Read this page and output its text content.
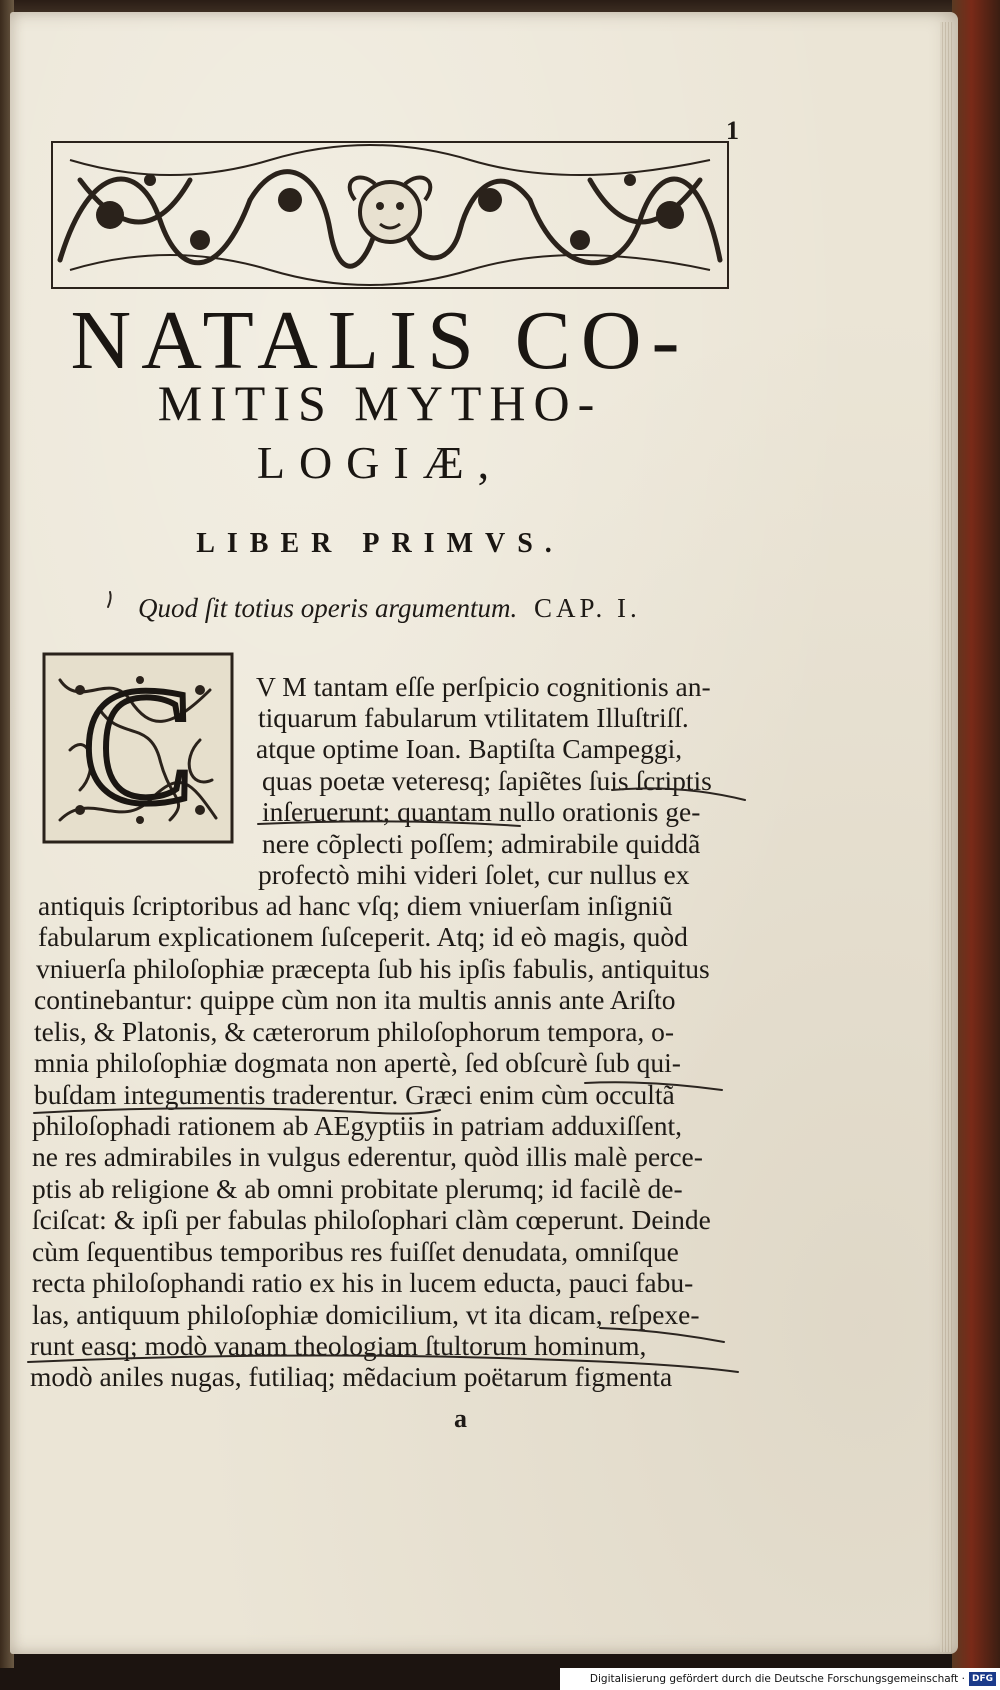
1
NATALIS CO-
MITIS MYTHO-
LOGIÆ,
LIBER PRIMVS.
Quod ſit totius operis argumentum. CAP. I.
C V M tantam eſſe perſpicio cognitionis an-
tiquarum fabularum vtilitatem Illuſtriſſ.
atque optime Ioan. Baptiſta Campeggi,
quas poetæ veteresq; ſapiẽtes ſuis ſcriptis
inſeruerunt; quantam nullo orationis ge-
nere cõplecti poſſem; admirabile quiddã
profectò mihi videri ſolet, cur nullus ex
antiquis ſcriptoribus ad hanc vſq; diem vniuerſam inſigniũ
fabularum explicationem ſuſceperit. Atq; id eò magis, quòd
vniuerſa philoſophiæ præcepta ſub his ipſis fabulis, antiquitus
continebantur: quippe cùm non ita multis annis ante Ariſto
telis, & Platonis, & cæterorum philoſophorum tempora, o-
mnia philoſophiæ dogmata non apertè, ſed obſcurè ſub qui-
buſdam integumentis traderentur. Græci enim cùm occultã
philoſophadi rationem ab AEgyptiis in patriam adduxiſſent,
ne res admirabiles in vulgus ederentur, quòd illis malè perce-
ptis ab religione & ab omni probitate plerumq; id facilè de-
ſciſcat: & ipſi per fabulas philoſophari clàm cœperunt. Deinde
cùm ſequentibus temporibus res fuiſſet denudata, omniſque
recta philoſophandi ratio ex his in lucem educta, pauci fabu-
las, antiquum philoſophiæ domicilium, vt ita dicam, reſpexe-
runt easq; modò vanam theologiam ſtultorum hominum,
modò aniles nugas, futiliaq; mẽdacium poëtarum figmenta
a
Digitalisierung gefördert durch die Deutsche Forschungsgemeinschaft · DFG
